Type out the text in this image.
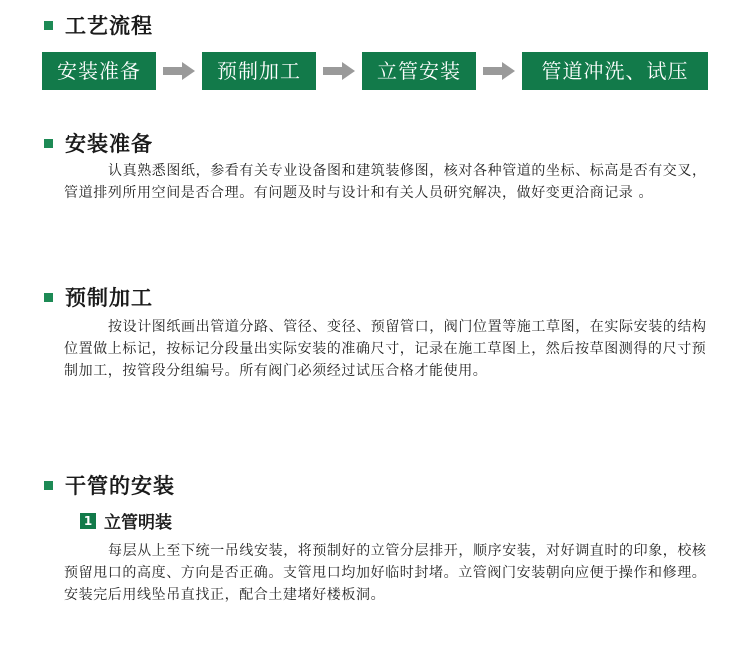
工艺流程
安装准备	预制加工	立管安装	管道冲洗、试压
安装准备

认真熟悉图纸，参看有关专业设备图和建筑装修图，核对各种管道的坐标、标高是否有交叉，管道排列所用空间是否合理。有问题及时与设计和有关人员研究解决，做好变更洽商记录 。

预制加工

按设计图纸画出管道分路、管径、变径、预留管口，阀门位置等施工草图，在实际安装的结构位置做上标记，按标记分段量出实际安装的准确尺寸，记录在施工草图上，然后按草图测得的尺寸预制加工，按管段分组编号。所有阀门必须经过试压合格才能使用。

干管的安装
1 立管明装

每层从上至下统一吊线安装，将预制好的立管分层排开，顺序安装，对好调直时的印象，校核预留甩口的高度、方向是否正确。支管甩口均加好临时封堵。立管阀门安装朝向应便于操作和修理。安装完后用线坠吊直找正，配合土建堵好楼板洞。
